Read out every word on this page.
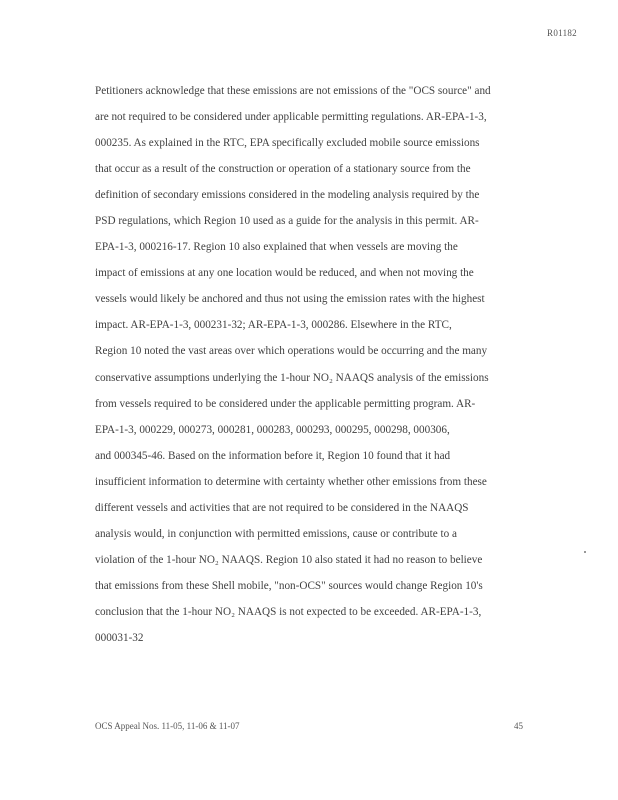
R01182
Petitioners acknowledge that these emissions are not emissions of the "OCS source" and
are not required to be considered under applicable permitting regulations. AR-EPA-1-3,
000235. As explained in the RTC, EPA specifically excluded mobile source emissions
that occur as a result of the construction or operation of a stationary source from the
definition of secondary emissions considered in the modeling analysis required by the
PSD regulations, which Region 10 used as a guide for the analysis in this permit. AR-
EPA-1-3, 000216-17. Region 10 also explained that when vessels are moving the
impact of emissions at any one location would be reduced, and when not moving the
vessels would likely be anchored and thus not using the emission rates with the highest
impact. AR-EPA-1-3, 000231-32; AR-EPA-1-3, 000286. Elsewhere in the RTC,
Region 10 noted the vast areas over which operations would be occurring and the many
conservative assumptions underlying the 1-hour NO₂ NAAQS analysis of the emissions
from vessels required to be considered under the applicable permitting program. AR-
EPA-1-3, 000229, 000273, 000281, 000283, 000293, 000295, 000298, 000306,
and 000345-46. Based on the information before it, Region 10 found that it had
insufficient information to determine with certainty whether other emissions from these
different vessels and activities that are not required to be considered in the NAAQS
analysis would, in conjunction with permitted emissions, cause or contribute to a
violation of the 1-hour NO₂ NAAQS. Region 10 also stated it had no reason to believe
that emissions from these Shell mobile, "non-OCS" sources would change Region 10's
conclusion that the 1-hour NO₂ NAAQS is not expected to be exceeded. AR-EPA-1-3,
000031-32
OCS Appeal Nos. 11-05, 11-06 & 11-07	45
